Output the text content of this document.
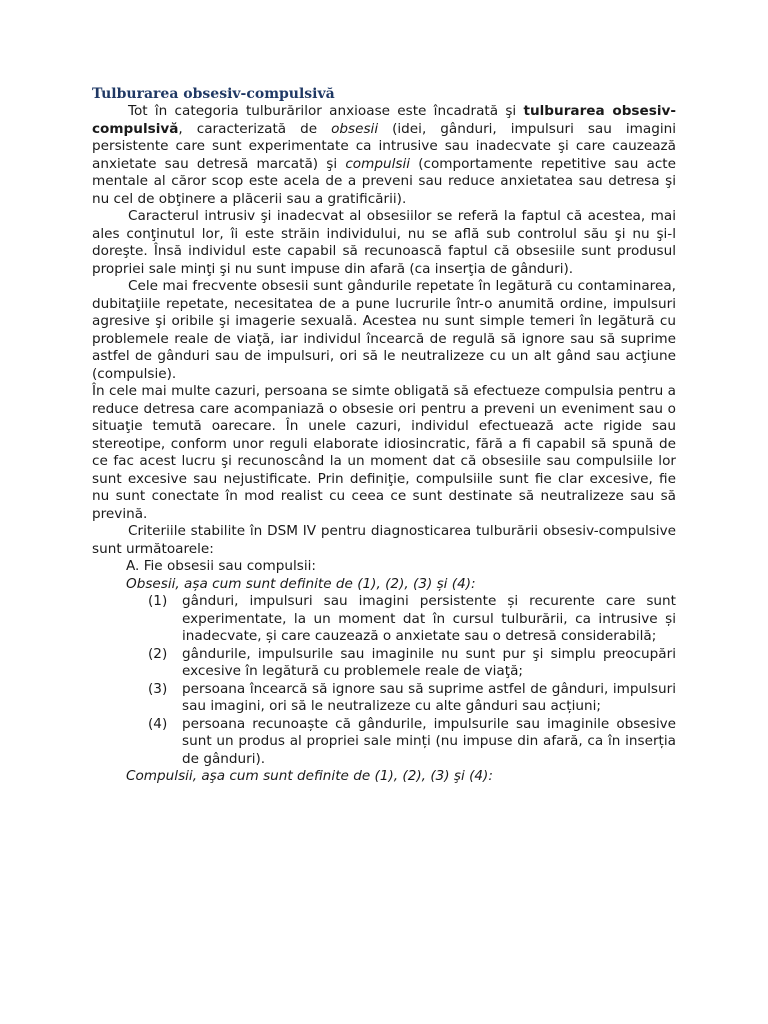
Tulburarea obsesiv-compulsivă

Tot în categoria tulburărilor anxioase este încadrată şi tulburarea obsesiv-compulsivă, caracterizată de obsesii (idei, gânduri, impulsuri sau imagini persistente care sunt experimentate ca intrusive sau inadecvate şi care cauzează anxietate sau detresă marcată) şi compulsii (comportamente repetitive sau acte mentale al căror scop este acela de a preveni sau reduce anxietatea sau detresa şi nu cel de obţinere a plăcerii sau a gratificării).

Caracterul intrusiv şi inadecvat al obsesiilor se referă la faptul că acestea, mai ales conţinutul lor, îi este străin individului, nu se află sub controlul său şi nu şi-l doreşte. Însă individul este capabil să recunoască faptul că obsesiile sunt produsul propriei sale minţi şi nu sunt impuse din afară (ca inserţia de gânduri).

Cele mai frecvente obsesii sunt gândurile repetate în legătură cu contaminarea, dubitaţiile repetate, necesitatea de a pune lucrurile într-o anumită ordine, impulsuri agresive şi oribile şi imagerie sexuală. Acestea nu sunt simple temeri în legătură cu problemele reale de viaţă, iar individul încearcă de regulă să ignore sau să suprime astfel de gânduri sau de impulsuri, ori să le neutralizeze cu un alt gând sau acţiune (compulsie).

În cele mai multe cazuri, persoana se simte obligată să efectueze compulsia pentru a reduce detresa care acompaniază o obsesie ori pentru a preveni un eveniment sau o situaţie temută oarecare. În unele cazuri, individul efectuează acte rigide sau stereotipe, conform unor reguli elaborate idiosincratic, fără a fi capabil să spună de ce fac acest lucru şi recunoscând la un moment dat că obsesiile sau compulsiile lor sunt excesive sau nejustificate. Prin definiţie, compulsiile sunt fie clar excesive, fie nu sunt conectate în mod realist cu ceea ce sunt destinate să neutralizeze sau să prevină.

Criteriile stabilite în DSM IV pentru diagnosticarea tulburării obsesiv-compulsive sunt următoarele:

A. Fie obsesii sau compulsii:

Obsesii, așa cum sunt definite de (1), (2), (3) și (4):

(1)	gânduri, impulsuri sau imagini persistente și recurente care sunt experimentate, la un moment dat în cursul tulburării, ca intrusive și inadecvate, și care cauzează o anxietate sau o detresă considerabilă;
(2)	gândurile, impulsurile sau imaginile nu sunt pur şi simplu preocupări excesive în legătură cu problemele reale de viaţă;
(3)	persoana încearcă să ignore sau să suprime astfel de gânduri, impulsuri sau imagini, ori să le neutralizeze cu alte gânduri sau acțiuni;
(4)	persoana recunoaște că gândurile, impulsurile sau imaginile obsesive sunt un produs al propriei sale minți (nu impuse din afară, ca în inserția de gânduri).

Compulsii, aşa cum sunt definite de (1), (2), (3) şi (4):
